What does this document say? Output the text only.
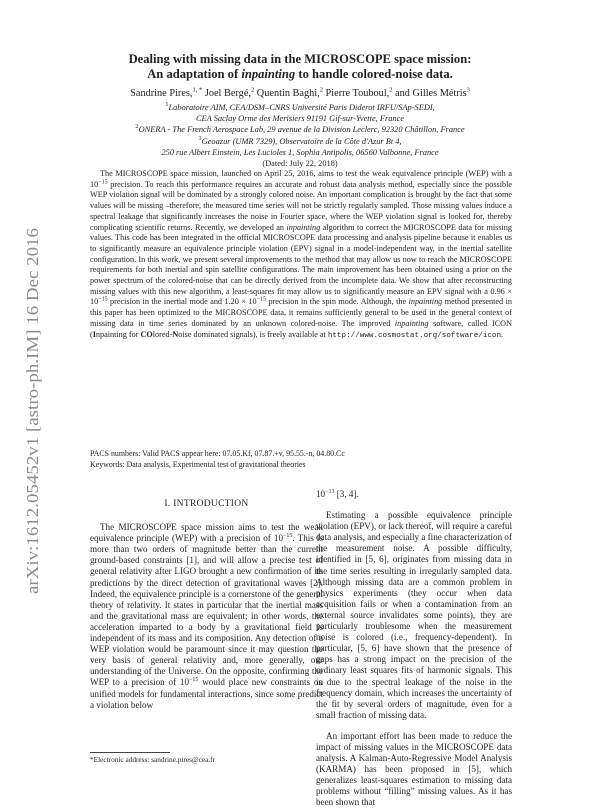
arXiv:1612.05452v1 [astro-ph.IM] 16 Dec 2016
Dealing with missing data in the MICROSCOPE space mission:
An adaptation of inpainting to handle colored-noise data.
Sandrine Pires,$^{1, *}$ Joel Bergé,$^2$ Quentin Baghi,$^2$ Pierre Touboul,$^2$ and Gilles Métris$^3$
$^1$Laboratoire AIM, CEA/DSM–CNRS Université Paris Diderot IRFU/SAp-SEDI,
CEA Saclay Orme des Merisiers 91191 Gif-sur-Yvette, France
$^2$ONERA - The French Aerospace Lab, 29 avenue de la Division Leclerc, 92320 Châtillon, France
$^3$Geoazur (UMR 7329), Observatoire de la Côte d'Azur Bt 4,
250 rue Albert Einstein, Les Lucioles 1, Sophia Antipolis, 06560 Valbonne, France
(Dated: July 22, 2018)

The MICROSCOPE space mission, launched on April 25, 2016, aims to test the weak equivalence principle (WEP) with a $10^{-15}$ precision. To reach this performance requires an accurate and robust data analysis method, especially since the possible WEP violation signal will be dominated by a strongly colored noise. An important complication is brought by the fact that some values will be missing –therefore, the measured time series will not be strictly regularly sampled. Those missing values induce a spectral leakage that significantly increases the noise in Fourier space, where the WEP violation signal is looked for, thereby complicating scientific returns. Recently, we developed an inpainting algorithm to correct the MICROSCOPE data for missing values. This code has been integrated in the official MICROSCOPE data processing and analysis pipeline because it enables us to significantly measure an equivalence principle violation (EPV) signal in a model-independent way, in the inertial satellite configuration. In this work, we present several improvements to the method that may allow us now to reach the MICROSCOPE requirements for both inertial and spin satellite configurations. The main improvement has been obtained using a prior on the power spectrum of the colored-noise that can be directly derived from the incomplete data. We show that after reconstructing missing values with this new algorithm, a least-squares fit may allow us to significantly measure an EPV signal with a $0.96 \times 10^{-15}$ precision in the inertial mode and $1.20 \times 10^{-15}$ precision in the spin mode. Although, the inpainting method presented in this paper has been optimized to the MICROSCOPE data, it remains sufficiently general to be used in the general context of missing data in time series dominated by an unknown colored-noise. The improved inpainting software, called ICON (Inpainting for COlored-Noise dominated signals), is freely available at http://www.cosmostat.org/software/icon.

PACS numbers: Valid PACS appear here: 07.05.Kf, 07.87.+v, 95.55.-n, 04.80.Cc
Keywords: Data analysis, Experimental test of gravitational theories
I. INTRODUCTION

The MICROSCOPE space mission aims to test the weak equivalence principle (WEP) with a precision of $10^{-15}$. This is more than two orders of magnitude better than the current ground-based constraints [1], and will allow a precise test of general relativity after LIGO brought a new confirmation of its predictions by the direct detection of gravitational waves [2]. Indeed, the equivalence principle is a cornerstone of the general theory of relativity. It states in particular that the inertial mass and the gravitational mass are equivalent; in other words, the acceleration imparted to a body by a gravitational field is independent of its mass and its composition. Any detection of a WEP violation would be paramount since it may question the very basis of general relativity and, more generally, our understanding of the Universe. On the opposite, confirming the WEP to a precision of $10^{-15}$ would place new constraints on unified models for fundamental interactions, since some predict a violation below

$10^{-13}$ [3, 4].

Estimating a possible equivalence principle violation (EPV), or lack thereof, will require a careful data analysis, and especially a fine characterization of the measurement noise. A possible difficulty, identified in [5, 6], originates from missing data in the time series resulting in irregularly sampled data. Although missing data are a common problem in physics experiments (they occur when data acquisition fails or when a contamination from an external source invalidates some points), they are particularly troublesome when the measurement noise is colored (i.e., frequency-dependent). In particular, [5, 6] have shown that the presence of gaps has a strong impact on the precision of the ordinary least squares fits of harmonic signals. This is due to the spectral leakage of the noise in the frequency domain, which increases the uncertainty of the fit by several orders of magnitude, even for a small fraction of missing data.

An important effort has been made to reduce the impact of missing values in the MICROSCOPE data analysis. A Kalman-Auto-Regressive Model Analysis (KARMA) has been proposed in [5], which generalizes least-squares estimation to missing data problems without “filling” missing values. As it has been shown that

*Electronic address: sandrine.pires@cea.fr
